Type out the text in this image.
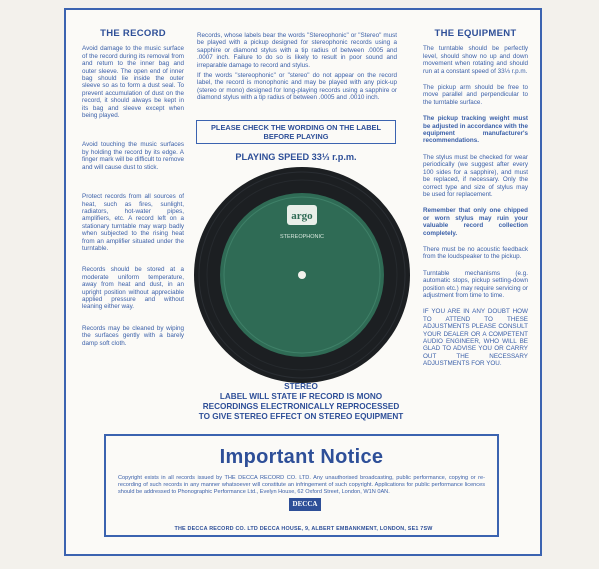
THE RECORD

Avoid damage to the music surface of the record during its removal from and return to the inner bag and outer sleeve. The open end of inner bag should lie inside the outer sleeve so as to form a dust seal. To prevent accumulation of dust on the record, it should always be kept in its bag and sleeve except when being played.

Avoid touching the music surfaces by holding the record by its edge. A finger mark will be difficult to remove and will cause dust to stick.

Protect records from all sources of heat, such as fires, sunlight, radiators, hot-water pipes, amplifiers, etc. A record left on a stationary turntable may warp badly when subjected to the rising heat from an amplifier situated under the turntable.

Records should be stored at a moderate uniform temperature, away from heat and dust, in an upright position without appreciable applied pressure and without leaning either way.

Records may be cleaned by wiping the surfaces gently with a barely damp soft cloth.

Records, whose labels bear the words "Stereophonic" or "Stereo" must be played with a pickup designed for stereophonic records using a sapphire or diamond stylus with a tip radius of between .0005 and .0007 inch. Failure to do so is likely to result in poor sound and irreparable damage to record and stylus.

If the words "stereophonic" or "stereo" do not appear on the record label, the record is monophonic and may be played with any pick-up (stereo or mono) designed for long-playing records using a sapphire or diamond stylus with a tip radius of between .0005 and .0010 inch.

PLEASE CHECK THE WORDING ON THE LABEL BEFORE PLAYING
PLAYING SPEED 33⅓ r.p.m.
argo
STEREOPHONIC
STEREO
LABEL WILL STATE IF RECORD IS MONO RECORDINGS ELECTRONICALLY REPROCESSED TO GIVE STEREO EFFECT ON STEREO EQUIPMENT
THE EQUIPMENT

The turntable should be perfectly level, should show no up and down movement when rotating and should run at a constant speed of 33⅓ r.p.m.

The pickup arm should be free to move parallel and perpendicular to the turntable surface.

The pickup tracking weight must be adjusted in accordance with the equipment manufacturer's recommendations.

The stylus must be checked for wear periodically (we suggest after every 100 sides for a sapphire), and must be replaced, if necessary. Only the correct type and size of stylus may be used for replacement.

Remember that only one chipped or worn stylus may ruin your valuable record collection completely.

There must be no acoustic feedback from the loudspeaker to the pickup.

Turntable mechanisms (e.g. automatic stops, pickup setting-down position etc.) may require servicing or adjustment from time to time.

IF YOU ARE IN ANY DOUBT HOW TO ATTEND TO THESE ADJUSTMENTS PLEASE CONSULT YOUR DEALER OR A COMPETENT AUDIO ENGINEER, WHO WILL BE GLAD TO ADVISE YOU OR CARRY OUT THE NECESSARY ADJUSTMENTS FOR YOU.

Important Notice
Copyright exists in all records issued by THE DECCA RECORD CO. LTD. Any unauthorised broadcasting, public performance, copying or re-recording of such records in any manner whatsoever will constitute an infringement of such copyright. Applications for public performance licences should be addressed to Phonographic Performance Ltd., Evelyn House, 62 Oxford Street, London, W1N 0AN.
DECCA
THE DECCA RECORD CO. LTD DECCA HOUSE, 9, ALBERT EMBANKMENT, LONDON, SE1 7SW
